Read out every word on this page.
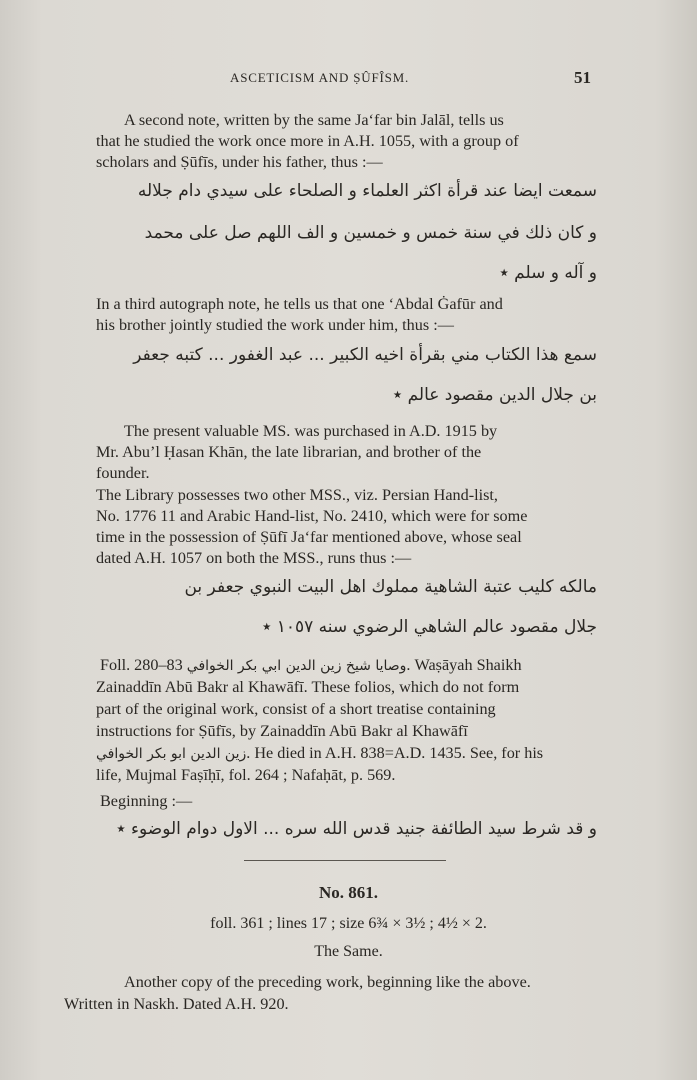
ASCETICISM AND ṢÛFÎSM.	51
A second note, written by the same Ja‘far bin Jalāl, tells us
that he studied the work once more in A.H. 1055, with a group of
scholars and Ṣūfīs, under his father, thus :—
سمعت ايضا عند قرأة اكثر العلماء و الصلحاء على سيدي دام جلاله
و كان ذلك في سنة خمس و خمسين و الف اللهم صل على محمد
و آله و سلم ٭
In a third autograph note, he tells us that one ‘Abdal Ġafūr and
his brother jointly studied the work under him, thus :—
سمع هذا الكتاب مني بقرأة اخيه الكبير ... عبد الغفور ... كتبه جعفر
بن جلال الدين مقصود عالم ٭
The present valuable MS. was purchased in A.D. 1915 by
Mr. Abu’l Ḥasan Khān, the late librarian, and brother of the
founder.
The Library possesses two other MSS., viz. Persian Hand-list,
No. 1776 11 and Arabic Hand-list, No. 2410, which were for some
time in the possession of Ṣūfī Ja‘far mentioned above, whose seal
dated A.H. 1057 on both the MSS., runs thus :—
مالكه كليب عتبة الشاهية مملوك اهل البيت النبوي جعفر بن
جلال مقصود عالم الشاهي الرضوي سنه ١٠٥٧ ٭
Foll. 280–83 وصايا شيخ زين الدين ابي بكر الخوافي. Waṣāyah Shaikh
Zainaddīn Abū Bakr al Khawāfī. These folios, which do not form
part of the original work, consist of a short treatise containing
instructions for Ṣūfīs, by Zainaddīn Abū Bakr al Khawāfī
زين الدين ابو بكر الخوافي. He died in A.H. 838=A.D. 1435. See, for his
life, Mujmal Faṣīḥī, fol. 264 ; Nafaḥāt, p. 569.
Beginning :—
و قد شرط سيد الطائفة جنيد قدس الله سره ... الاول دوام الوضوء ٭
No. 861.
foll. 361 ; lines 17 ; size 6¾ × 3½ ; 4½ × 2.
The Same.
Another copy of the preceding work, beginning like the above.
Written in Naskh. Dated A.H. 920.
